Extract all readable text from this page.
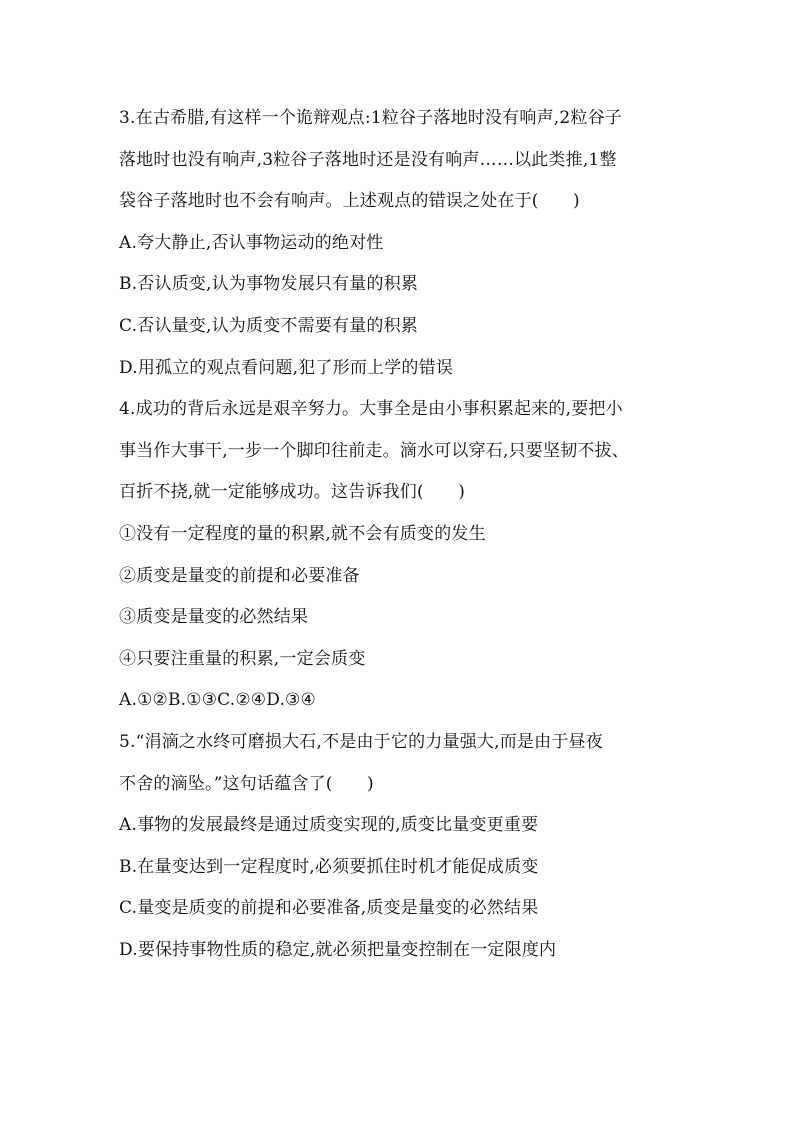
3.在古希腊,有这样一个诡辩观点:1粒谷子落地时没有响声,2粒谷子
落地时也没有响声,3粒谷子落地时还是没有响声……以此类推,1整
袋谷子落地时也不会有响声。上述观点的错误之处在于(　　)
A.夸大静止,否认事物运动的绝对性
B.否认质变,认为事物发展只有量的积累
C.否认量变,认为质变不需要有量的积累
D.用孤立的观点看问题,犯了形而上学的错误
4.成功的背后永远是艰辛努力。大事全是由小事积累起来的,要把小
事当作大事干,一步一个脚印往前走。滴水可以穿石,只要坚韧不拔、
百折不挠,就一定能够成功。这告诉我们(　　)
①没有一定程度的量的积累,就不会有质变的发生
②质变是量变的前提和必要准备
③质变是量变的必然结果
④只要注重量的积累,一定会质变
A.①②B.①③C.②④D.③④
5.“涓滴之水终可磨损大石,不是由于它的力量强大,而是由于昼夜
不舍的滴坠。”这句话蕴含了(　　)
A.事物的发展最终是通过质变实现的,质变比量变更重要
B.在量变达到一定程度时,必须要抓住时机才能促成质变
C.量变是质变的前提和必要准备,质变是量变的必然结果
D.要保持事物性质的稳定,就必须把量变控制在一定限度内
